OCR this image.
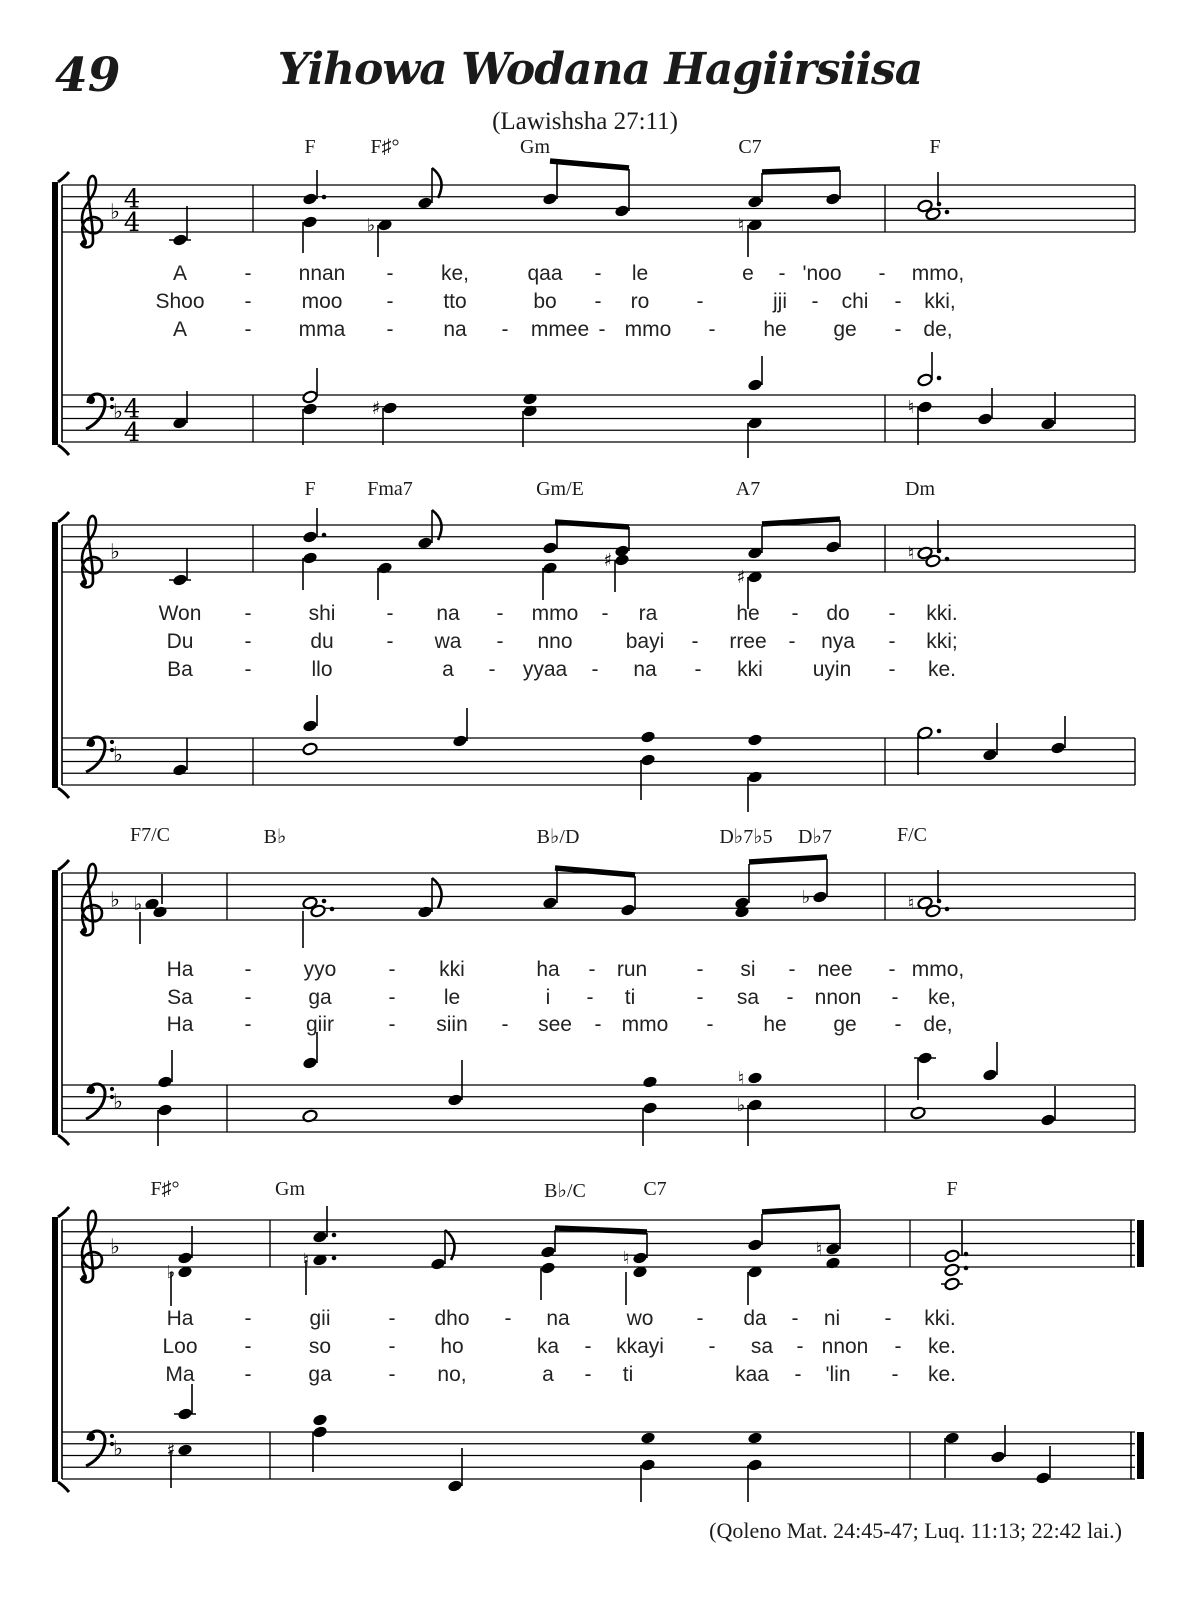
♭
♭
4
4
4
4
♭	♮
♯	♮
♭
♭
♯
♯
♮
♭
♭
♭	♭	♮
♮
♭
♭
♭
♭
♮	♮	♮
♯
49	Yihowa Wodana Hagiirsiisa
(Lawishsha 27:11)
F	F♯°	Gm	C7	F
A	- nnan - ke,	qaa - le	e - 'noo - mmo,
Shoo - moo - tto	bo - ro -	jji - chi - kki,
A	- mma - na - mmee - mmo - he ge - de,
F	Fma7	Gm/E	A7	Dm
Won -	shi - na - mmo - ra	he - do - kki.
Du -	du	- wa - nno	bayi - rree - nya - kki;
Ba -	llo	a - yyaa - na - kki uyin - ke.
F7/C	B♭	B♭/D	D♭7♭5 D♭7	F/C
Ha - yyo - kki	ha - run - si - nee - mmo,
Sa -	ga	- le	i - ti	- sa - nnon - ke,
Ha -	giir	- siin - see - mmo - he ge - de,
F♯°	Gm	B♭/C	C7	F
Ha -	gii	- dho - na	wo - da - ni - kki.
Loo -	so	- ho	ka - kkayi - sa - nnon - ke.
Ma -	ga	- no,	a - ti	kaa - 'lin - ke.
(Qoleno Mat. 24:45-47; Luq. 11:13; 22:42 lai.)
